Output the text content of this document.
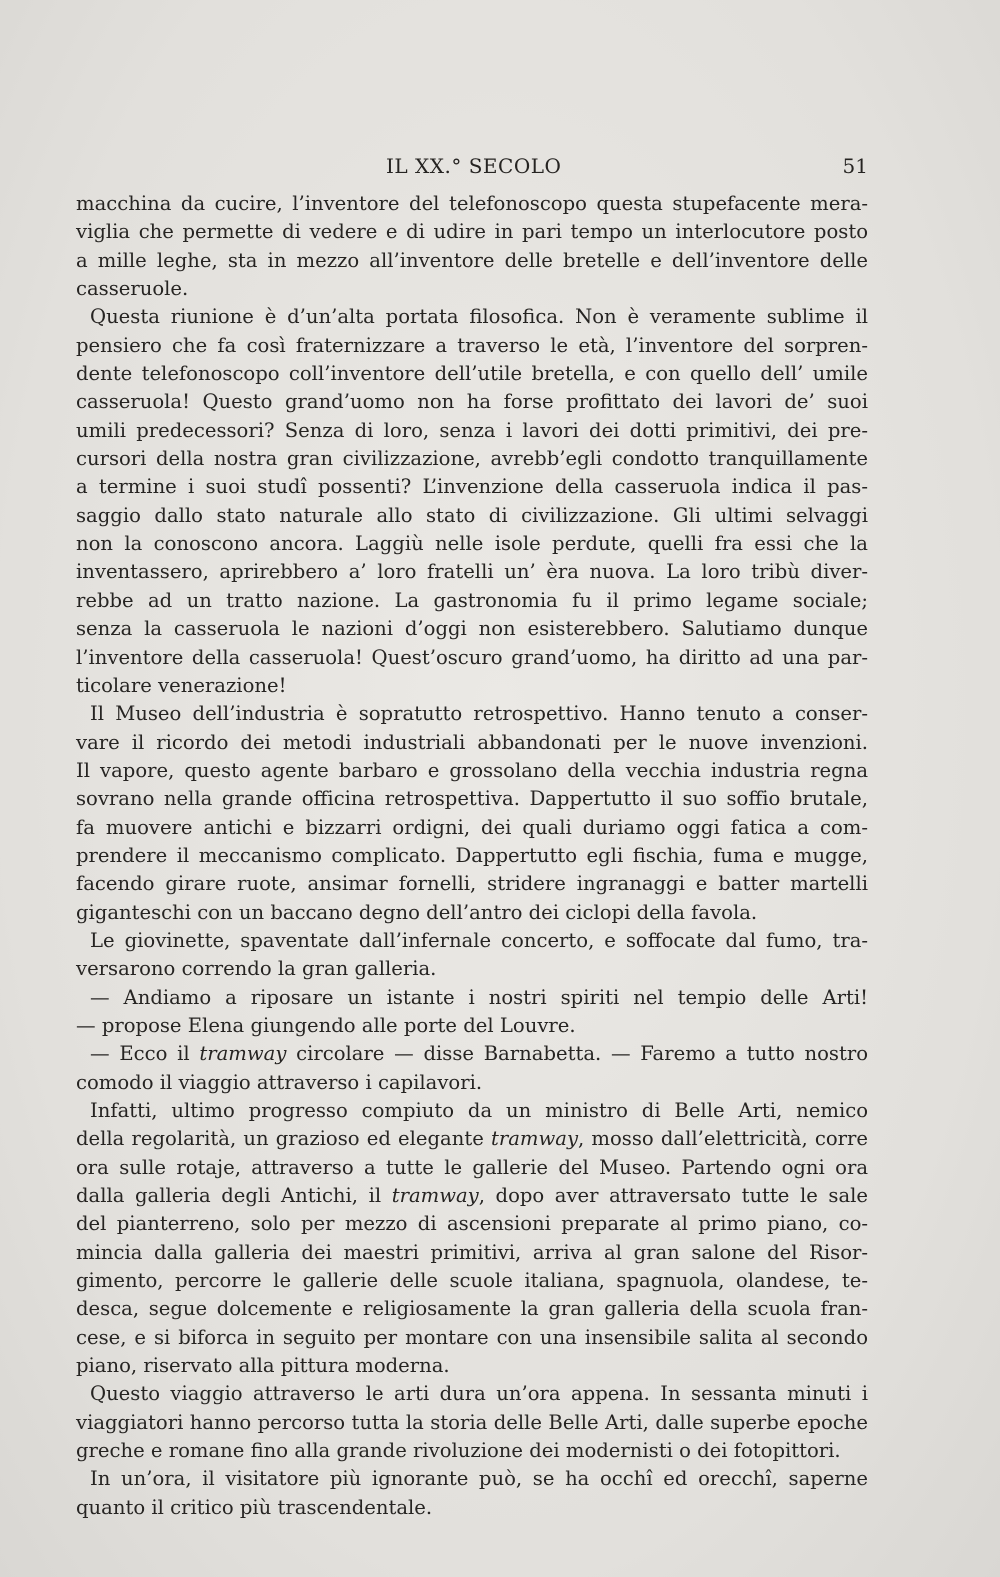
IL XX.° SECOLO	51

macchina da cucire, l’inventore del telefonoscopo questa stupefacente mera-

viglia che permette di vedere e di udire in pari tempo un interlocutore posto

a mille leghe, sta in mezzo all’inventore delle bretelle e dell’inventore delle

casseruole.

Questa riunione è d’un’alta portata filosofica. Non è veramente sublime il

pensiero che fa così fraternizzare a traverso le età, l’inventore del sorpren-

dente telefonoscopo coll’inventore dell’utile bretella, e con quello dell’ umile

casseruola! Questo grand’uomo non ha forse profittato dei lavori de’ suoi

umili predecessori? Senza di loro, senza i lavori dei dotti primitivi, dei pre-

cursori della nostra gran civilizzazione, avrebb’egli condotto tranquillamente

a termine i suoi studî possenti? L’invenzione della casseruola indica il pas-

saggio dallo stato naturale allo stato di civilizzazione. Gli ultimi selvaggi

non la conoscono ancora. Laggiù nelle isole perdute, quelli fra essi che la

inventassero, aprirebbero a’ loro fratelli un’ èra nuova. La loro tribù diver-

rebbe ad un tratto nazione. La gastronomia fu il primo legame sociale;

senza la casseruola le nazioni d’oggi non esisterebbero. Salutiamo dunque

l’inventore della casseruola! Quest’oscuro grand’uomo, ha diritto ad una par-

ticolare venerazione!

Il Museo dell’industria è sopratutto retrospettivo. Hanno tenuto a conser-

vare il ricordo dei metodi industriali abbandonati per le nuove invenzioni.

Il vapore, questo agente barbaro e grossolano della vecchia industria regna

sovrano nella grande officina retrospettiva. Dappertutto il suo soffio brutale,

fa muovere antichi e bizzarri ordigni, dei quali duriamo oggi fatica a com-

prendere il meccanismo complicato. Dappertutto egli fischia, fuma e mugge,

facendo girare ruote, ansimar fornelli, stridere ingranaggi e batter martelli

giganteschi con un baccano degno dell’antro dei ciclopi della favola.

Le giovinette, spaventate dall’infernale concerto, e soffocate dal fumo, tra-

versarono correndo la gran galleria.

— Andiamo a riposare un istante i nostri spiriti nel tempio delle Arti!

— propose Elena giungendo alle porte del Louvre.

— Ecco il tramway circolare — disse Barnabetta. — Faremo a tutto nostro

comodo il viaggio attraverso i capilavori.

Infatti, ultimo progresso compiuto da un ministro di Belle Arti, nemico

della regolarità, un grazioso ed elegante tramway, mosso dall’elettricità, corre

ora sulle rotaje, attraverso a tutte le gallerie del Museo. Partendo ogni ora

dalla galleria degli Antichi, il tramway, dopo aver attraversato tutte le sale

del pianterreno, solo per mezzo di ascensioni preparate al primo piano, co-

mincia dalla galleria dei maestri primitivi, arriva al gran salone del Risor-

gimento, percorre le gallerie delle scuole italiana, spagnuola, olandese, te-

desca, segue dolcemente e religiosamente la gran galleria della scuola fran-

cese, e si biforca in seguito per montare con una insensibile salita al secondo

piano, riservato alla pittura moderna.

Questo viaggio attraverso le arti dura un’ora appena. In sessanta minuti i

viaggiatori hanno percorso tutta la storia delle Belle Arti, dalle superbe epoche

greche e romane fino alla grande rivoluzione dei modernisti o dei fotopittori.

In un’ora, il visitatore più ignorante può, se ha occhî ed orecchî, saperne

quanto il critico più trascendentale.
